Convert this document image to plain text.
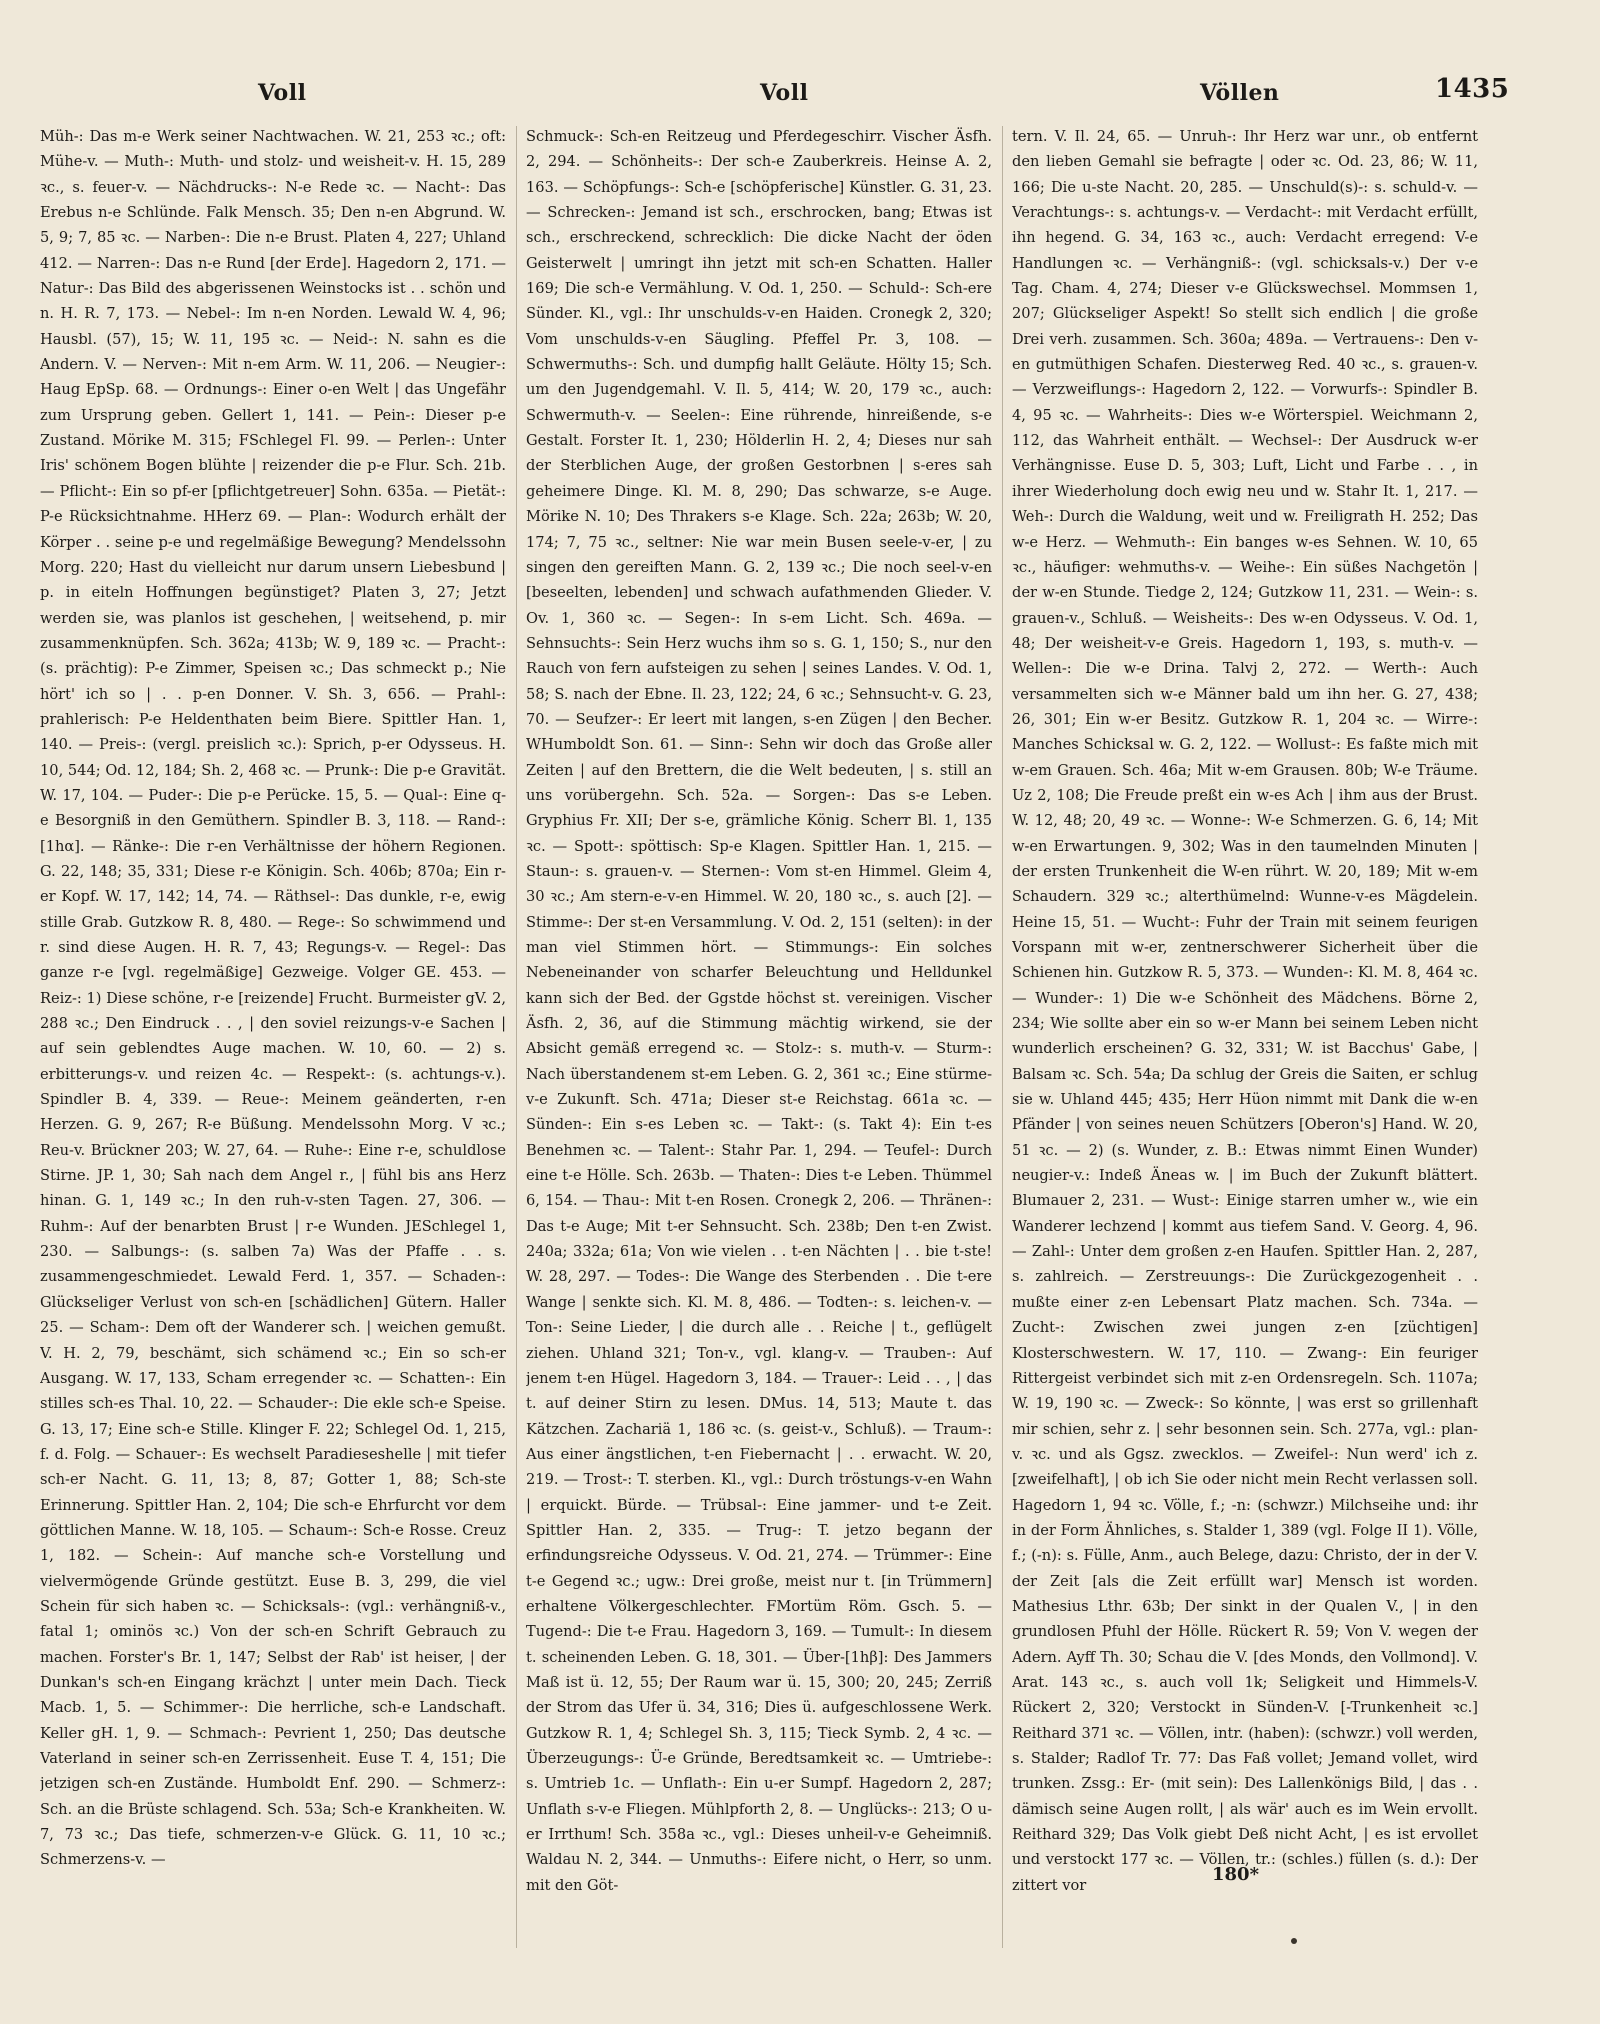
Voll	Voll	Völlen	1435
Müh-: Das m-e Werk seiner Nachtwachen. W. 21, 253 ꝛc.; oft: Mühe-v. — Muth-: Muth- und stolz- und weisheit-v. H. 15, 289 ꝛc., s. feuer-v. — Nächdrucks-: N-e Rede ꝛc. — Nacht-: Das Erebus n-e Schlünde. Falk Mensch. 35; Den n-en Abgrund. W. 5, 9; 7, 85 ꝛc. — Narben-: Die n-e Brust. Platen 4, 227; Uhland 412. — Narren-: Das n-e Rund [der Erde]. Hagedorn 2, 171. — Natur-: Das Bild des abgerissenen Weinstocks ist . . schön und n. H. R. 7, 173. — Nebel-: Im n-en Norden. Lewald W. 4, 96; Hausbl. (57), 15; W. 11, 195 ꝛc. — Neid-: N. sahn es die Andern. V. — Nerven-: Mit n-em Arm. W. 11, 206. — Neugier-: Haug EpSp. 68. — Ordnungs-: Einer o-en Welt | das Ungefähr zum Ursprung geben. Gellert 1, 141. — Pein-: Dieser p-e Zustand. Mörike M. 315; FSchlegel Fl. 99. — Perlen-: Unter Iris' schönem Bogen blühte | reizender die p-e Flur. Sch. 21b. — Pflicht-: Ein so pf-er [pflichtgetreuer] Sohn. 635a. — Pietät-: P-e Rücksichtnahme. HHerz 69. — Plan-: Wodurch erhält der Körper . . seine p-e und regelmäßige Bewegung? Mendelssohn Morg. 220; Hast du vielleicht nur darum unsern Liebesbund | p. in eiteln Hoffnungen begünstiget? Platen 3, 27; Jetzt werden sie, was planlos ist geschehen, | weitsehend, p. mir zusammenknüpfen. Sch. 362a; 413b; W. 9, 189 ꝛc. — Pracht-: (s. prächtig): P-e Zimmer, Speisen ꝛc.; Das schmeckt p.; Nie hört' ich so | . . p-en Donner. V. Sh. 3, 656. — Prahl-: prahlerisch: P-e Heldenthaten beim Biere. Spittler Han. 1, 140. — Preis-: (vergl. preislich ꝛc.): Sprich, p-er Odysseus. H. 10, 544; Od. 12, 184; Sh. 2, 468 ꝛc. — Prunk-: Die p-e Gravität. W. 17, 104. — Puder-: Die p-e Perücke. 15, 5. — Qual-: Eine q-e Besorgniß in den Gemüthern. Spindler B. 3, 118. — Rand-: [1hα]. — Ränke-: Die r-en Verhältnisse der höhern Regionen. G. 22, 148; 35, 331; Diese r-e Königin. Sch. 406b; 870a; Ein r-er Kopf. W. 17, 142; 14, 74. — Räthsel-: Das dunkle, r-e, ewig stille Grab. Gutzkow R. 8, 480. — Rege-: So schwimmend und r. sind diese Augen. H. R. 7, 43; Regungs-v. — Regel-: Das ganze r-e [vgl. regelmäßige] Gezweige. Volger GE. 453. — Reiz-: 1) Diese schöne, r-e [reizende] Frucht. Burmeister gV. 2, 288 ꝛc.; Den Eindruck . . , | den soviel reizungs-v-e Sachen | auf sein geblendtes Auge machen. W. 10, 60. — 2) s. erbitterungs-v. und reizen 4c. — Respekt-: (s. achtungs-v.). Spindler B. 4, 339. — Reue-: Meinem geänderten, r-en Herzen. G. 9, 267; R-e Büßung. Mendelssohn Morg. V ꝛc.; Reu-v. Brückner 203; W. 27, 64. — Ruhe-: Eine r-e, schuldlose Stirne. JP. 1, 30; Sah nach dem Angel r., | fühl bis ans Herz hinan. G. 1, 149 ꝛc.; In den ruh-v-sten Tagen. 27, 306. — Ruhm-: Auf der benarbten Brust | r-e Wunden. JESchlegel 1, 230. — Salbungs-: (s. salben 7a) Was der Pfaffe . . s. zusammengeschmiedet. Lewald Ferd. 1, 357. — Schaden-: Glückseliger Verlust von sch-en [schädlichen] Gütern. Haller 25. — Scham-: Dem oft der Wanderer sch. | weichen gemußt. V. H. 2, 79, beschämt, sich schämend ꝛc.; Ein so sch-er Ausgang. W. 17, 133, Scham erregender ꝛc. — Schatten-: Ein stilles sch-es Thal. 10, 22. — Schauder-: Die ekle sch-e Speise. G. 13, 17; Eine sch-e Stille. Klinger F. 22; Schlegel Od. 1, 215, f. d. Folg. — Schauer-: Es wechselt Paradieseshelle | mit tiefer sch-er Nacht. G. 11, 13; 8, 87; Gotter 1, 88; Sch-ste Erinnerung. Spittler Han. 2, 104; Die sch-e Ehrfurcht vor dem göttlichen Manne. W. 18, 105. — Schaum-: Sch-e Rosse. Creuz 1, 182. — Schein-: Auf manche sch-e Vorstellung und vielvermögende Gründe gestützt. Euse B. 3, 299, die viel Schein für sich haben ꝛc. — Schicksals-: (vgl.: verhängniß-v., fatal 1; ominös ꝛc.) Von der sch-en Schrift Gebrauch zu machen. Forster's Br. 1, 147; Selbst der Rab' ist heiser, | der Dunkan's sch-en Eingang krächzt | unter mein Dach. Tieck Macb. 1, 5. — Schimmer-: Die herrliche, sch-e Landschaft. Keller gH. 1, 9. — Schmach-: Pevrient 1, 250; Das deutsche Vaterland in seiner sch-en Zerrissenheit. Euse T. 4, 151; Die jetzigen sch-en Zustände. Humboldt Enf. 290. — Schmerz-: Sch. an die Brüste schlagend. Sch. 53a; Sch-e Krankheiten. W. 7, 73 ꝛc.; Das tiefe, schmerzen-v-e Glück. G. 11, 10 ꝛc.; Schmerzens-v. —
Schmuck-: Sch-en Reitzeug und Pferdegeschirr. Vischer Äsfh. 2, 294. — Schönheits-: Der sch-e Zauberkreis. Heinse A. 2, 163. — Schöpfungs-: Sch-e [schöpferische] Künstler. G. 31, 23. — Schrecken-: Jemand ist sch., erschrocken, bang; Etwas ist sch., erschreckend, schrecklich: Die dicke Nacht der öden Geisterwelt | umringt ihn jetzt mit sch-en Schatten. Haller 169; Die sch-e Vermählung. V. Od. 1, 250. — Schuld-: Sch-ere Sünder. Kl., vgl.: Ihr unschulds-v-en Haiden. Cronegk 2, 320; Vom unschulds-v-en Säugling. Pfeffel Pr. 3, 108. — Schwermuths-: Sch. und dumpfig hallt Geläute. Hölty 15; Sch. um den Jugendgemahl. V. Il. 5, 414; W. 20, 179 ꝛc., auch: Schwermuth-v. — Seelen-: Eine rührende, hinreißende, s-e Gestalt. Forster It. 1, 230; Hölderlin H. 2, 4; Dieses nur sah der Sterblichen Auge, der großen Gestorbnen | s-eres sah geheimere Dinge. Kl. M. 8, 290; Das schwarze, s-e Auge. Mörike N. 10; Des Thrakers s-e Klage. Sch. 22a; 263b; W. 20, 174; 7, 75 ꝛc., seltner: Nie war mein Busen seele-v-er, | zu singen den gereiften Mann. G. 2, 139 ꝛc.; Die noch seel-v-en [beseelten, lebenden] und schwach aufathmenden Glieder. V. Ov. 1, 360 ꝛc. — Segen-: In s-em Licht. Sch. 469a. — Sehnsuchts-: Sein Herz wuchs ihm so s. G. 1, 150; S., nur den Rauch von fern aufsteigen zu sehen | seines Landes. V. Od. 1, 58; S. nach der Ebne. Il. 23, 122; 24, 6 ꝛc.; Sehnsucht-v. G. 23, 70. — Seufzer-: Er leert mit langen, s-en Zügen | den Becher. WHumboldt Son. 61. — Sinn-: Sehn wir doch das Große aller Zeiten | auf den Brettern, die die Welt bedeuten, | s. still an uns vorübergehn. Sch. 52a. — Sorgen-: Das s-e Leben. Gryphius Fr. XII; Der s-e, grämliche König. Scherr Bl. 1, 135 ꝛc. — Spott-: spöttisch: Sp-e Klagen. Spittler Han. 1, 215. — Staun-: s. grauen-v. — Sternen-: Vom st-en Himmel. Gleim 4, 30 ꝛc.; Am stern-e-v-en Himmel. W. 20, 180 ꝛc., s. auch [2]. — Stimme-: Der st-en Versammlung. V. Od. 2, 151 (selten): in der man viel Stimmen hört. — Stimmungs-: Ein solches Nebeneinander von scharfer Beleuchtung und Helldunkel kann sich der Bed. der Ggstde höchst st. vereinigen. Vischer Äsfh. 2, 36, auf die Stimmung mächtig wirkend, sie der Absicht gemäß erregend ꝛc. — Stolz-: s. muth-v. — Sturm-: Nach überstandenem st-em Leben. G. 2, 361 ꝛc.; Eine stürme-v-e Zukunft. Sch. 471a; Dieser st-e Reichstag. 661a ꝛc. — Sünden-: Ein s-es Leben ꝛc. — Takt-: (s. Takt 4): Ein t-es Benehmen ꝛc. — Talent-: Stahr Par. 1, 294. — Teufel-: Durch eine t-e Hölle. Sch. 263b. — Thaten-: Dies t-e Leben. Thümmel 6, 154. — Thau-: Mit t-en Rosen. Cronegk 2, 206. — Thränen-: Das t-e Auge; Mit t-er Sehnsucht. Sch. 238b; Den t-en Zwist. 240a; 332a; 61a; Von wie vielen . . t-en Nächten | . . bie t-ste! W. 28, 297. — Todes-: Die Wange des Sterbenden . . Die t-ere Wange | senkte sich. Kl. M. 8, 486. — Todten-: s. leichen-v. — Ton-: Seine Lieder, | die durch alle . . Reiche | t., geflügelt ziehen. Uhland 321; Ton-v., vgl. klang-v. — Trauben-: Auf jenem t-en Hügel. Hagedorn 3, 184. — Trauer-: Leid . . , | das t. auf deiner Stirn zu lesen. DMus. 14, 513; Maute t. das Kätzchen. Zachariä 1, 186 ꝛc. (s. geist-v., Schluß). — Traum-: Aus einer ängstlichen, t-en Fiebernacht | . . erwacht. W. 20, 219. — Trost-: T. sterben. Kl., vgl.: Durch tröstungs-v-en Wahn | erquickt. Bürde. — Trübsal-: Eine jammer- und t-e Zeit. Spittler Han. 2, 335. — Trug-: T. jetzo begann der erfindungsreiche Odysseus. V. Od. 21, 274. — Trümmer-: Eine t-e Gegend ꝛc.; ugw.: Drei große, meist nur t. [in Trümmern] erhaltene Völkergeschlechter. FMortüm Röm. Gsch. 5. — Tugend-: Die t-e Frau. Hagedorn 3, 169. — Tumult-: In diesem t. scheinenden Leben. G. 18, 301. — Über-[1hβ]: Des Jammers Maß ist ü. 12, 55; Der Raum war ü. 15, 300; 20, 245; Zerriß der Strom das Ufer ü. 34, 316; Dies ü. aufgeschlossene Werk. Gutzkow R. 1, 4; Schlegel Sh. 3, 115; Tieck Symb. 2, 4 ꝛc. — Überzeugungs-: Ü-e Gründe, Beredtsamkeit ꝛc. — Umtriebe-: s. Umtrieb 1c. — Unflath-: Ein u-er Sumpf. Hagedorn 2, 287; Unflath s-v-e Fliegen. Mühlpforth 2, 8. — Unglücks-: 213; O u-er Irrthum! Sch. 358a ꝛc., vgl.: Dieses unheil-v-e Geheimniß. Waldau N. 2, 344. — Unmuths-: Eifere nicht, o Herr, so unm. mit den Göt-
tern. V. Il. 24, 65. — Unruh-: Ihr Herz war unr., ob entfernt den lieben Gemahl sie befragte | oder ꝛc. Od. 23, 86; W. 11, 166; Die u-ste Nacht. 20, 285. — Unschuld(s)-: s. schuld-v. — Verachtungs-: s. achtungs-v. — Verdacht-: mit Verdacht erfüllt, ihn hegend. G. 34, 163 ꝛc., auch: Verdacht erregend: V-e Handlungen ꝛc. — Verhängniß-: (vgl. schicksals-v.) Der v-e Tag. Cham. 4, 274; Dieser v-e Glückswechsel. Mommsen 1, 207; Glückseliger Aspekt! So stellt sich endlich | die große Drei verh. zusammen. Sch. 360a; 489a. — Vertrauens-: Den v-en gutmüthigen Schafen. Diesterweg Red. 40 ꝛc., s. grauen-v. — Verzweiflungs-: Hagedorn 2, 122. — Vorwurfs-: Spindler B. 4, 95 ꝛc. — Wahrheits-: Dies w-e Wörterspiel. Weichmann 2, 112, das Wahrheit enthält. — Wechsel-: Der Ausdruck w-er Verhängnisse. Euse D. 5, 303; Luft, Licht und Farbe . . , in ihrer Wiederholung doch ewig neu und w. Stahr It. 1, 217. — Weh-: Durch die Waldung, weit und w. Freiligrath H. 252; Das w-e Herz. — Wehmuth-: Ein banges w-es Sehnen. W. 10, 65 ꝛc., häufiger: wehmuths-v. — Weihe-: Ein süßes Nachgetön | der w-en Stunde. Tiedge 2, 124; Gutzkow 11, 231. — Wein-: s. grauen-v., Schluß. — Weisheits-: Des w-en Odysseus. V. Od. 1, 48; Der weisheit-v-e Greis. Hagedorn 1, 193, s. muth-v. — Wellen-: Die w-e Drina. Talvj 2, 272. — Werth-: Auch versammelten sich w-e Männer bald um ihn her. G. 27, 438; 26, 301; Ein w-er Besitz. Gutzkow R. 1, 204 ꝛc. — Wirre-: Manches Schicksal w. G. 2, 122. — Wollust-: Es faßte mich mit w-em Grauen. Sch. 46a; Mit w-em Grausen. 80b; W-e Träume. Uz 2, 108; Die Freude preßt ein w-es Ach | ihm aus der Brust. W. 12, 48; 20, 49 ꝛc. — Wonne-: W-e Schmerzen. G. 6, 14; Mit w-en Erwartungen. 9, 302; Was in den taumelnden Minuten | der ersten Trunkenheit die W-en rührt. W. 20, 189; Mit w-em Schaudern. 329 ꝛc.; alterthümelnd: Wunne-v-es Mägdelein. Heine 15, 51. — Wucht-: Fuhr der Train mit seinem feurigen Vorspann mit w-er, zentnerschwerer Sicherheit über die Schienen hin. Gutzkow R. 5, 373. — Wunden-: Kl. M. 8, 464 ꝛc. — Wunder-: 1) Die w-e Schönheit des Mädchens. Börne 2, 234; Wie sollte aber ein so w-er Mann bei seinem Leben nicht wunderlich erscheinen? G. 32, 331; W. ist Bacchus' Gabe, | Balsam ꝛc. Sch. 54a; Da schlug der Greis die Saiten, er schlug sie w. Uhland 445; 435; Herr Hüon nimmt mit Dank die w-en Pfänder | von seines neuen Schützers [Oberon's] Hand. W. 20, 51 ꝛc. — 2) (s. Wunder, z. B.: Etwas nimmt Einen Wunder) neugier-v.: Indeß Äneas w. | im Buch der Zukunft blättert. Blumauer 2, 231. — Wust-: Einige starren umher w., wie ein Wanderer lechzend | kommt aus tiefem Sand. V. Georg. 4, 96. — Zahl-: Unter dem großen z-en Haufen. Spittler Han. 2, 287, s. zahlreich. — Zerstreuungs-: Die Zurückgezogenheit . . mußte einer z-en Lebensart Platz machen. Sch. 734a. — Zucht-: Zwischen zwei jungen z-en [züchtigen] Klosterschwestern. W. 17, 110. — Zwang-: Ein feuriger Rittergeist verbindet sich mit z-en Ordensregeln. Sch. 1107a; W. 19, 190 ꝛc. — Zweck-: So könnte, | was erst so grillenhaft mir schien, sehr z. | sehr besonnen sein. Sch. 277a, vgl.: plan-v. ꝛc. und als Ggsz. zwecklos. — Zweifel-: Nun werd' ich z. [zweifelhaft], | ob ich Sie oder nicht mein Recht verlassen soll. Hagedorn 1, 94 ꝛc. Völle, f.; -n: (schwzr.) Milchseihe und: ihr in der Form Ähnliches, s. Stalder 1, 389 (vgl. Folge II 1). Völle, f.; (-n): s. Fülle, Anm., auch Belege, dazu: Christo, der in der V. der Zeit [als die Zeit erfüllt war] Mensch ist worden. Mathesius Lthr. 63b; Der sinkt in der Qualen V., | in den grundlosen Pfuhl der Hölle. Rückert R. 59; Von V. wegen der Adern. Ayff Th. 30; Schau die V. [des Monds, den Vollmond]. V. Arat. 143 ꝛc., s. auch voll 1k; Seligkeit und Himmels-V. Rückert 2, 320; Verstockt in Sünden-V. [-Trunkenheit ꝛc.] Reithard 371 ꝛc. — Völlen, intr. (haben): (schwzr.) voll werden, s. Stalder; Radlof Tr. 77: Das Faß vollet; Jemand vollet, wird trunken. Zssg.: Er- (mit sein): Des Lallenkönigs Bild, | das . . dämisch seine Augen rollt, | als wär' auch es im Wein ervollt. Reithard 329; Das Volk giebt Deß nicht Acht, | es ist ervollet und verstockt 177 ꝛc. — Völlen, tr.: (schles.) füllen (s. d.): Der zittert vor
180*
